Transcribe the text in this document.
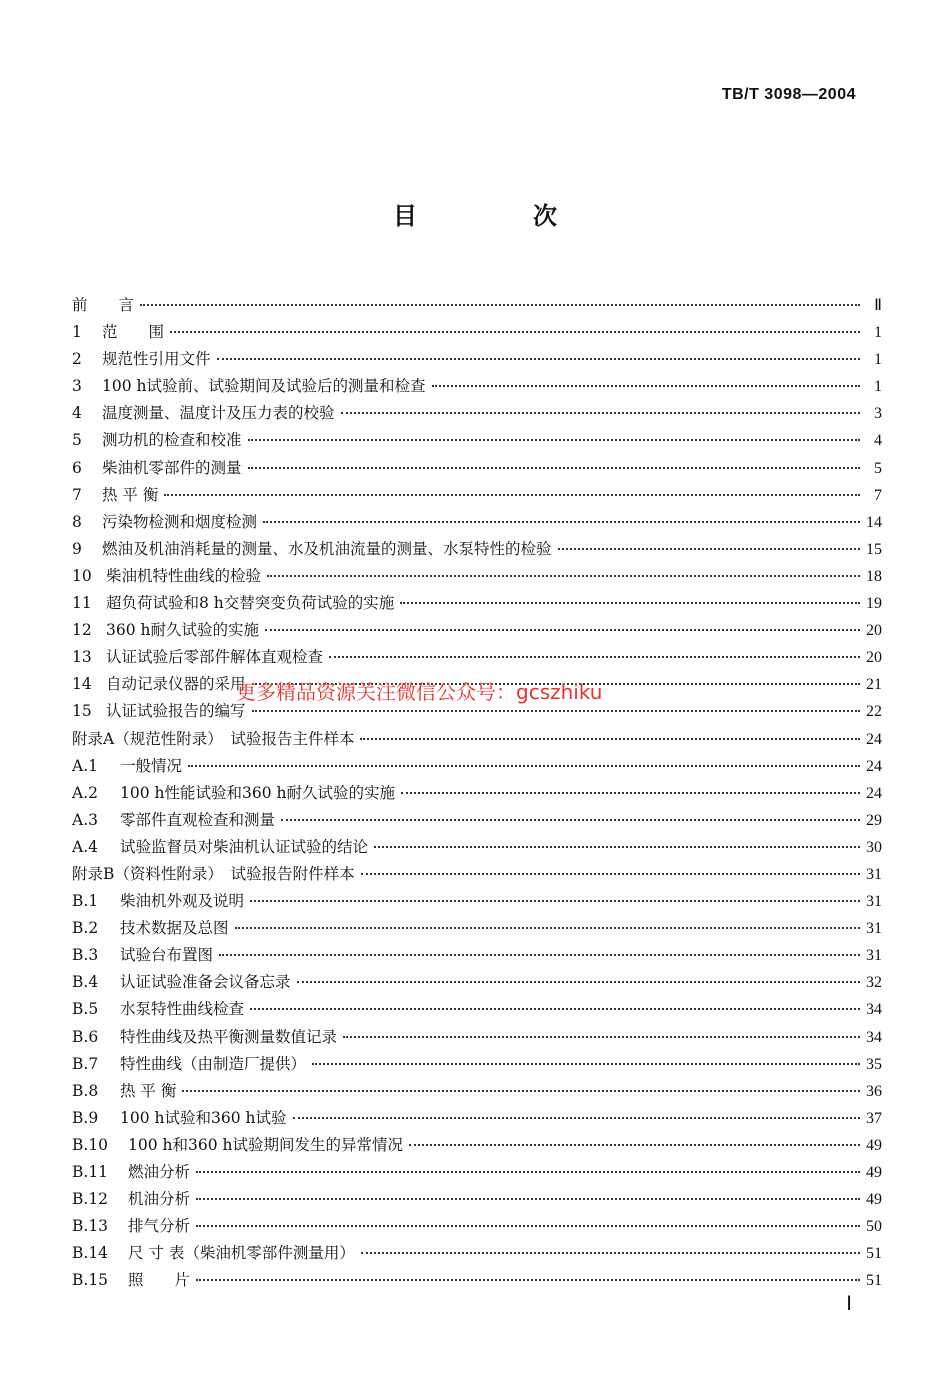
TB/T 3098—2004
目　次
前　　言	Ⅱ
1	范　　围	1
2	规范性引用文件	1
3	100 h试验前、试验期间及试验后的测量和检查	1
4	温度测量、温度计及压力表的校验	3
5	测功机的检查和校准	4
6	柴油机零部件的测量	5
7	热 平 衡	7
8	污染物检测和烟度检测	14
9	燃油及机油消耗量的测量、水及机油流量的测量、水泵特性的检验	15
10 柴油机特性曲线的检验	18
11 超负荷试验和8 h交替突变负荷试验的实施	19
12 360 h耐久试验的实施	20
13 认证试验后零部件解体直观检查	20
14 自动记录仪器的采用	21
15 认证试验报告的编写	22
附录A（规范性附录）　试验报告主件样本	24
A.1	一般情况	24
A.2	100 h性能试验和360 h耐久试验的实施	24
A.3	零部件直观检查和测量	29
A.4	试验监督员对柴油机认证试验的结论	30
附录B（资料性附录）　试验报告附件样本	31
B.1	柴油机外观及说明	31
B.2	技术数据及总图	31
B.3	试验台布置图	31
B.4	认证试验准备会议备忘录	32
B.5	水泵特性曲线检查	34
B.6	特性曲线及热平衡测量数值记录	34
B.7	特性曲线（由制造厂提供）	35
B.8	热 平 衡	36
B.9	100 h试验和360 h试验	37
B.10	100 h和360 h试验期间发生的异常情况	49
B.11	燃油分析	49
B.12	机油分析	49
B.13	排气分析	50
B.14	尺 寸 表（柴油机零部件测量用）	51
B.15	照　　片	51
更多精品资源关注微信公众号：gcszhiku
Ⅰ
